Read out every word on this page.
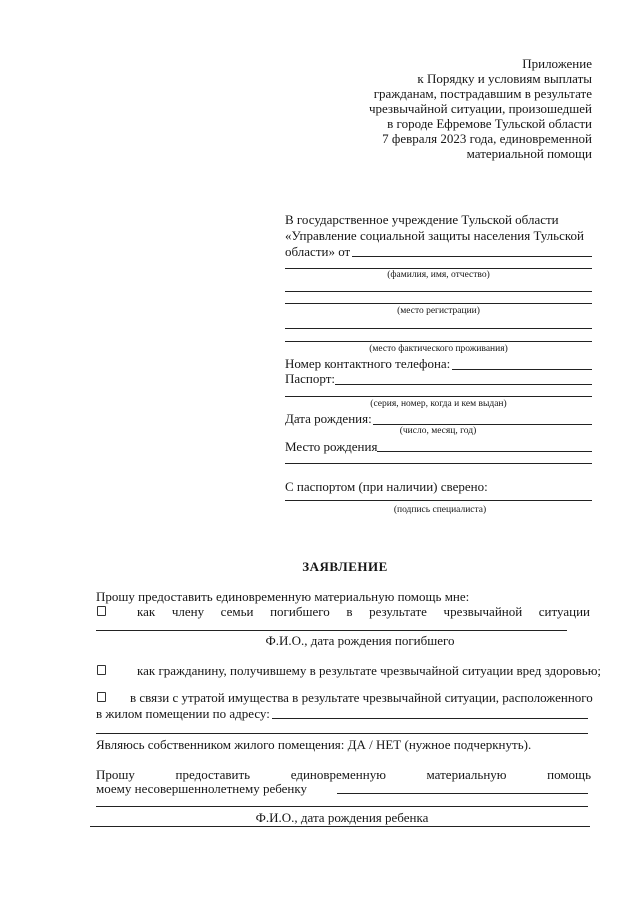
Приложение
к Порядку и условиям выплаты
гражданам, пострадавшим в результате
чрезвычайной ситуации, произошедшей
в городе Ефремове Тульской области
7 февраля 2023 года, единовременной
материальной помощи
В государственное учреждение Тульской области
«Управление социальной защиты населения Тульской
области» от
(фамилия, имя, отчество)
(место регистрации)
(место фактического проживания)
Номер контактного телефона:
Паспорт:
(серия, номер, когда и кем выдан)
Дата рождения:
(число, месяц, год)
Место рождения
С паспортом (при наличии) сверено:
(подпись специалиста)
ЗАЯВЛЕНИЕ
Прошу предоставить единовременную материальную помощь мне:
как члену семьи погибшего в результате чрезвычайной ситуации
Ф.И.О., дата рождения погибшего
как гражданину, получившему в результате чрезвычайной ситуации вред здоровью;
в связи с утратой имущества в результате чрезвычайной ситуации, расположенного
в жилом помещении по адресу:
Являюсь собственником жилого помещения: ДА / НЕТ (нужное подчеркнуть).
Прошу	предоставить	единовременную	материальную	помощь
моему несовершеннолетнему ребенку
Ф.И.О., дата рождения ребенка
